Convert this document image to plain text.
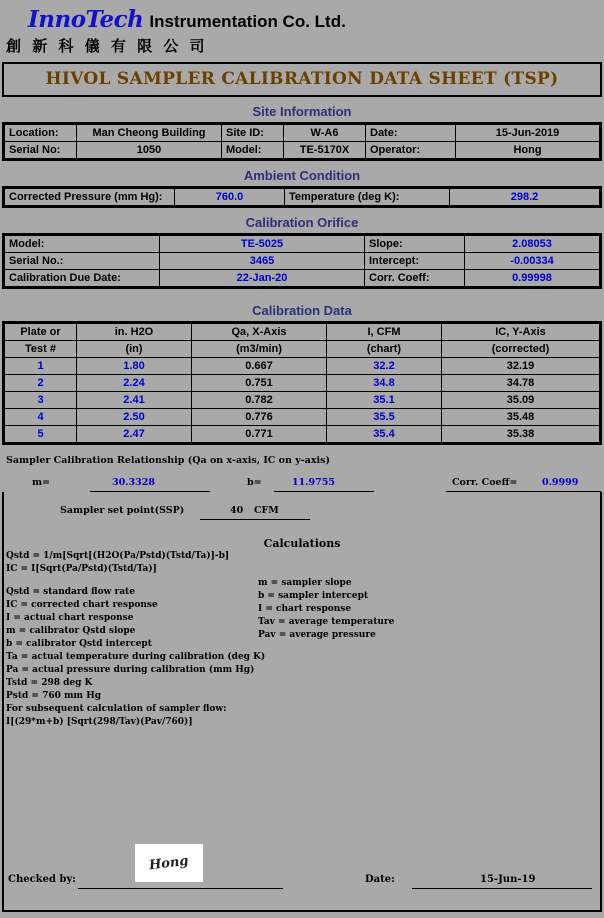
InnoTech Instrumentation Co. Ltd.
創 新 科 儀 有 限 公 司
HIVOL SAMPLER CALIBRATION DATA SHEET (TSP)
Site Information
Location:	Man Cheong Building	Site ID:	W-A6	Date:	15-Jun-2019
Serial No:	1050	Model:	TE-5170X	Operator:	Hong
Ambient Condition
Corrected Pressure (mm Hg):	760.0	Temperature (deg K):	298.2
Calibration Orifice
Model:	TE-5025	Slope:	2.08053
Serial No.:	3465	Intercept:	-0.00334
Calibration Due Date:	22-Jan-20	Corr. Coeff:	0.99998
Calibration Data
Plate or	in. H2O	Qa, X-Axis	I, CFM	IC, Y-Axis
Test #	(in)	(m3/min)	(chart)	(corrected)
1	1.80	0.667	32.2	32.19
2	2.24	0.751	34.8	34.78
3	2.41	0.782	35.1	35.09
4	2.50	0.776	35.5	35.48
5	2.47	0.771	35.4	35.38
Sampler Calibration Relationship (Qa on x-axis, IC on y-axis)
m=	30.3328	b=	11.9755	Corr. Coeff=	0.9999
Sampler set point(SSP)	40 CFM
Calculations

Qstd = 1/m[Sqrt[(H2O(Pa/Pstd)(Tstd/Ta)]-b]

IC = I[Sqrt(Pa/Pstd)(Tstd/Ta)]

Qstd = standard flow rate

IC = corrected chart response

I = actual chart response

m = calibrator Qstd slope

b = calibrator Qstd intercept

Ta = actual temperature during calibration (deg K)

Pa = actual pressure during calibration (mm Hg)

Tstd = 298 deg K

Pstd = 760 mm Hg

For subsequent calculation of sampler flow:

I[(29*m+b) [Sqrt(298/Tav)(Pav/760)]

m = sampler slope

b = sampler intercept

I = chart response

Tav = average temperature

Pav = average pressure

Checked by:
Hong
Date:	15-Jun-19
